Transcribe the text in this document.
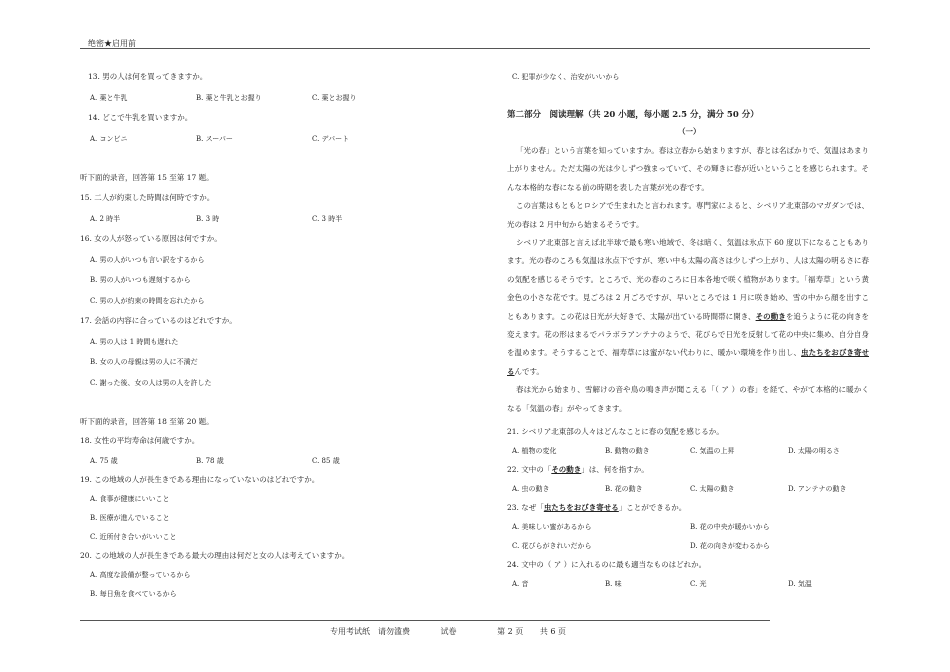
绝密★启用前
13. 男の人は何を買ってきますか。
A. 薬と牛乳	B. 薬と牛乳とお握り	C. 薬とお握り
14. どこで牛乳を買いますか。
A. コンビニ	B. スーパー	C. デパート
听下面的录音，回答第 15 至第 17 题。
15. 二人が約束した時間は何時ですか。
A. 2 時半	B. 3 時	C. 3 時半
16. 女の人が怒っている原因は何ですか。
A. 男の人がいつも言い訳をするから
B. 男の人がいつも遅刻するから
C. 男の人が約束の時間を忘れたから
17. 会話の内容に合っているのはどれですか。
A. 男の人は 1 時間も遅れた
B. 女の人の母親は男の人に不満だ
C. 謝った後、女の人は男の人を許した
听下面的录音，回答第 18 至第 20 题。
18. 女性の平均寿命は何歳ですか。
A. 75 歳	B. 78 歳	C. 85 歳
19. この地域の人が長生きである理由になっていないのはどれですか。
A. 食事が健康にいいこと
B. 医療が進んでいること
C. 近所付き合いがいいこと
20. この地域の人が長生きである最大の理由は何だと女の人は考えていますか。
A. 高度な設備が整っているから
B. 毎日魚を食べているから
C. 犯罪が少なく、治安がいいから
第二部分　阅读理解（共 20 小题，每小题 2.5 分，满分 50 分）
（一）

「光の春」という言葉を知っていますか。春は立春から始まりますが、春とは名ばかりで、気温はあまり上がりません。ただ太陽の光は少しずつ強まっていて、その輝きに春が近いということを感じられます。そんな本格的な春になる前の時期を表した言葉が光の春です。

この言葉はもともとロシアで生まれたと言われます。専門家によると、シベリア北東部のマガダンでは、光の春は 2 月中旬から始まるそうです。

シベリア北東部と言えば北半球で最も寒い地域で、冬は暗く、気温は氷点下 60 度以下になることもあります。光の春のころも気温は氷点下ですが、寒い中も太陽の高さは少しずつ上がり、人は太陽の明るさに春の気配を感じるそうです。ところで、光の春のころに日本各地で咲く植物があります。「福寿草」という黄金色の小さな花です。見ごろは 2 月ごろですが、早いところでは 1 月に咲き始め、雪の中から顔を出すこともあります。この花は日光が大好きで、太陽が出ている時間帯に開き、その動きを追うように花の向きを変えます。花の形はまるでパラボラアンテナのようで、花びらで日光を反射して花の中央に集め、自分自身を温めます。そうすることで、福寿草には蜜がない代わりに、暖かい環境を作り出し、虫たちをおびき寄せるんです。

春は光から始まり、雪解けの音や鳥の鳴き声が聞こえる「（ ア ）の春」を経て、やがて本格的に暖かくなる「気温の春」がやってきます。

21. シベリア北東部の人々はどんなことに春の気配を感じるか。
A. 植物の変化	B. 動物の動き	C. 気温の上昇	D. 太陽の明るさ
22. 文中の「その動き」は、何を指すか。
A. 虫の動き	B. 花の動き	C. 太陽の動き	D. アンテナの動き
23. なぜ「虫たちをおびき寄せる」ことができるか。
A. 美味しい蜜があるから	B. 花の中央が暖かいから
C. 花びらがきれいだから	D. 花の向きが変わるから
24. 文中の（ ア ）に入れるのに最も適当なものはどれか。
A. 音	B. 味	C. 光	D. 気温
专用考试纸　请勿滥费	试卷	第 2 页 共 6 页
